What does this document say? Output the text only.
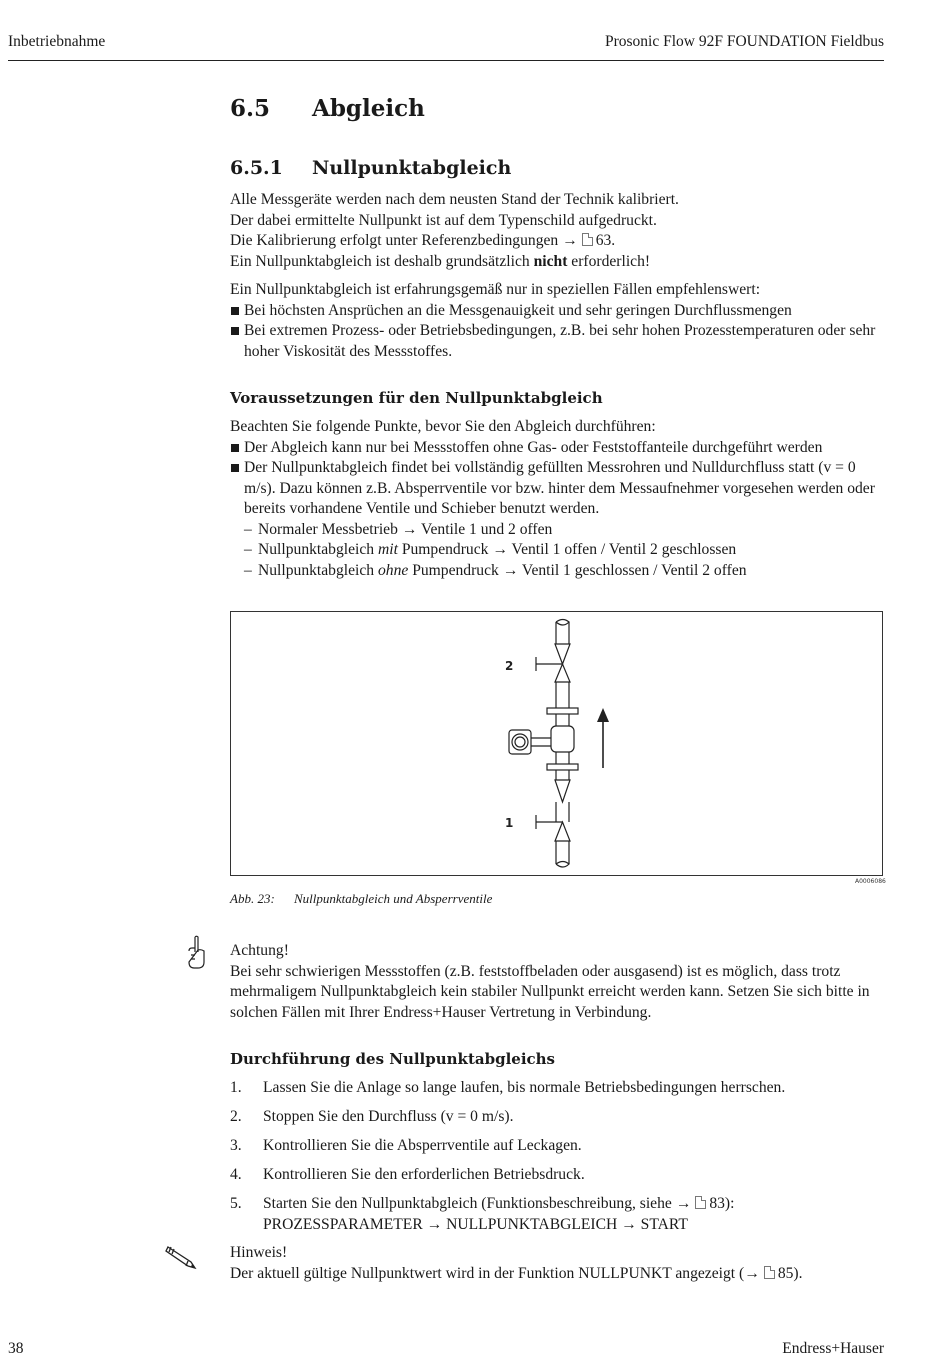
Inbetriebnahme	Prosonic Flow 92F FOUNDATION Fieldbus
6.5 Abgleich
6.5.1 Nullpunktabgleich

Alle Messgeräte werden nach dem neusten Stand der Technik kalibriert.

Der dabei ermittelte Nullpunkt ist auf dem Typenschild aufgedruckt.

Die Kalibrierung erfolgt unter Referenzbedingungen → 63.

Ein Nullpunktabgleich ist deshalb grundsätzlich nicht erforderlich!

Ein Nullpunktabgleich ist erfahrungsgemäß nur in speziellen Fällen empfehlenswert:

Bei höchsten Ansprüchen an die Messgenauigkeit und sehr geringen Durchflussmengen
Bei extremen Prozess- oder Betriebsbedingungen, z.B. bei sehr hohen Prozesstemperaturen oder sehr hoher Viskosität des Messstoffes.
Voraussetzungen für den Nullpunktabgleich

Beachten Sie folgende Punkte, bevor Sie den Abgleich durchführen:

Der Abgleich kann nur bei Messstoffen ohne Gas- oder Feststoffanteile durchgeführt werden
Der Nullpunktabgleich findet bei vollständig gefüllten Messrohren und Nulldurchfluss statt (v = 0 m/s). Dazu können z.B. Absperrventile vor bzw. hinter dem Messaufnehmer vorgesehen werden oder bereits vorhandene Ventile und Schieber benutzt werden.
– Normaler Messbetrieb → Ventile 1 und 2 offen
– Nullpunktabgleich mit Pumpendruck → Ventil 1 offen / Ventil 2 geschlossen
– Nullpunktabgleich ohne Pumpendruck → Ventil 1 geschlossen / Ventil 2 offen
2
1
A0006086
Abb. 23: Nullpunktabgleich und Absperrventile

Achtung!

Bei sehr schwierigen Messstoffen (z.B. feststoffbeladen oder ausgasend) ist es möglich, dass trotz mehrmaligem Nullpunktabgleich kein stabiler Nullpunkt erreicht werden kann. Setzen Sie sich bitte in solchen Fällen mit Ihrer Endress+Hauser Vertretung in Verbindung.

Durchführung des Nullpunktabgleichs
1. Lassen Sie die Anlage so lange laufen, bis normale Betriebsbedingungen herrschen.
2. Stoppen Sie den Durchfluss (v = 0 m/s).
3. Kontrollieren Sie die Absperrventile auf Leckagen.
4. Kontrollieren Sie den erforderlichen Betriebsdruck.
5. Starten Sie den Nullpunktabgleich (Funktionsbeschreibung, siehe → 83):
PROZESSPARAMETER → NULLPUNKTABGLEICH → START

Hinweis!

Der aktuell gültige Nullpunktwert wird in der Funktion NULLPUNKT angezeigt (→ 85).

38	Endress+Hauser
